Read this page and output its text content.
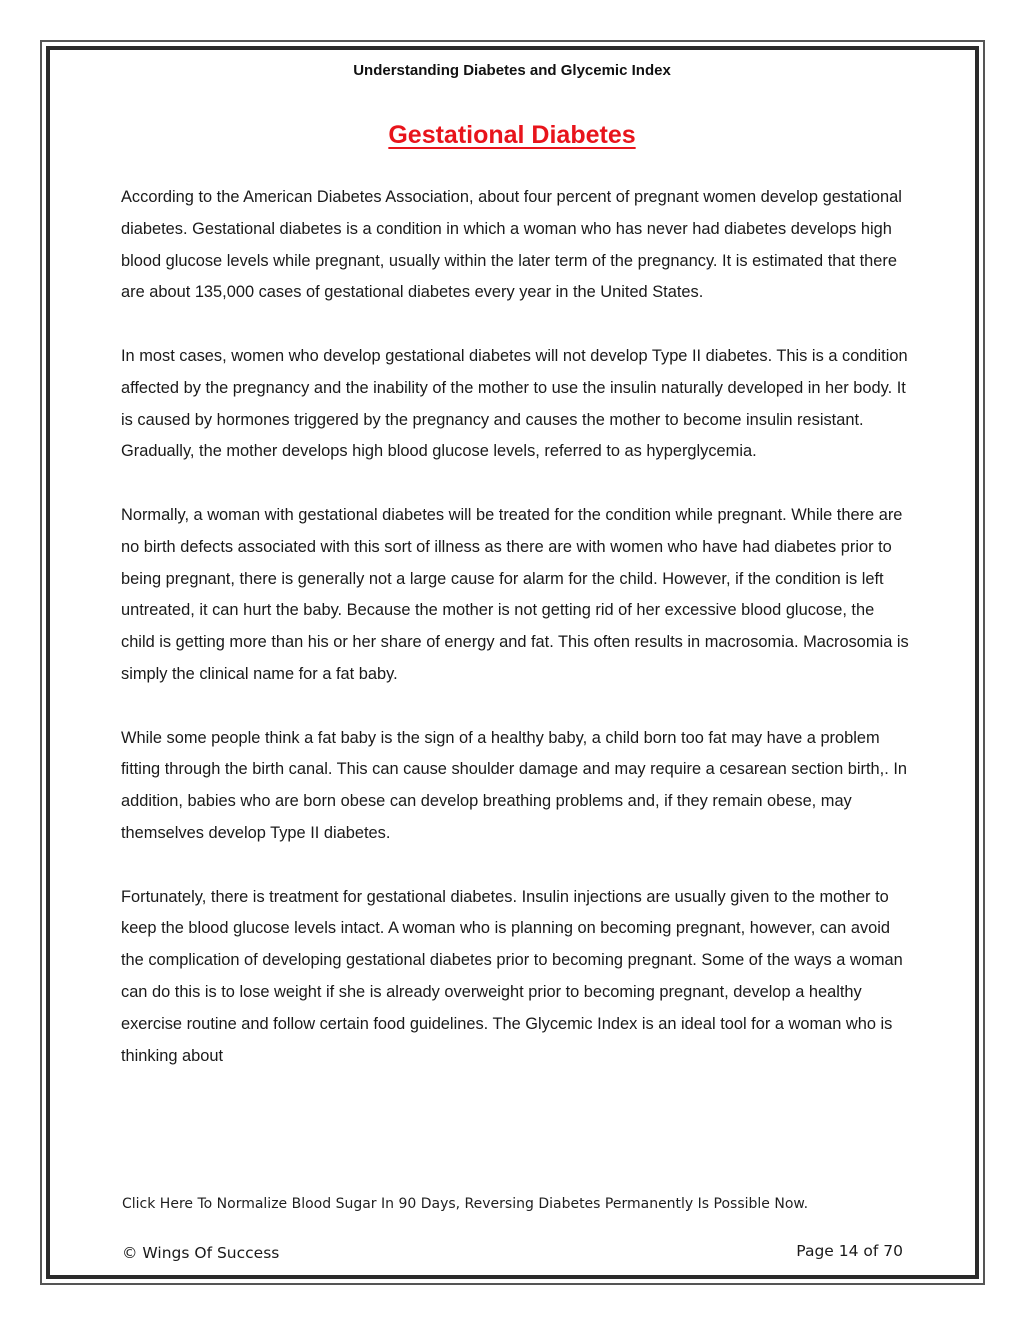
Understanding Diabetes and Glycemic Index
Gestational Diabetes

According to the American Diabetes Association, about four percent of pregnant women develop gestational diabetes. Gestational diabetes is a condition in which a woman who has never had diabetes develops high blood glucose levels while pregnant, usually within the later term of the pregnancy. It is estimated that there are about 135,000 cases of gestational diabetes every year in the United States.

In most cases, women who develop gestational diabetes will not develop Type II diabetes. This is a condition affected by the pregnancy and the inability of the mother to use the insulin naturally developed in her body. It is caused by hormones triggered by the pregnancy and causes the mother to become insulin resistant. Gradually, the mother develops high blood glucose levels, referred to as hyperglycemia.

Normally, a woman with gestational diabetes will be treated for the condition while pregnant. While there are no birth defects associated with this sort of illness as there are with women who have had diabetes prior to being pregnant, there is generally not a large cause for alarm for the child. However, if the condition is left untreated, it can hurt the baby. Because the mother is not getting rid of her excessive blood glucose, the child is getting more than his or her share of energy and fat. This often results in macrosomia. Macrosomia is simply the clinical name for a fat baby.

While some people think a fat baby is the sign of a healthy baby, a child born too fat may have a problem fitting through the birth canal. This can cause shoulder damage and may require a cesarean section birth,. In addition, babies who are born obese can develop breathing problems and, if they remain obese, may themselves develop Type II diabetes.

Fortunately, there is treatment for gestational diabetes. Insulin injections are usually given to the mother to keep the blood glucose levels intact. A woman who is planning on becoming pregnant, however, can avoid the complication of developing gestational diabetes prior to becoming pregnant. Some of the ways a woman can do this is to lose weight if she is already overweight prior to becoming pregnant, develop a healthy exercise routine and follow certain food guidelines. The Glycemic Index is an ideal tool for a woman who is thinking about

Click Here To Normalize Blood Sugar In 90 Days, Reversing Diabetes Permanently Is Possible Now.
© Wings Of Success	Page 14 of 70
